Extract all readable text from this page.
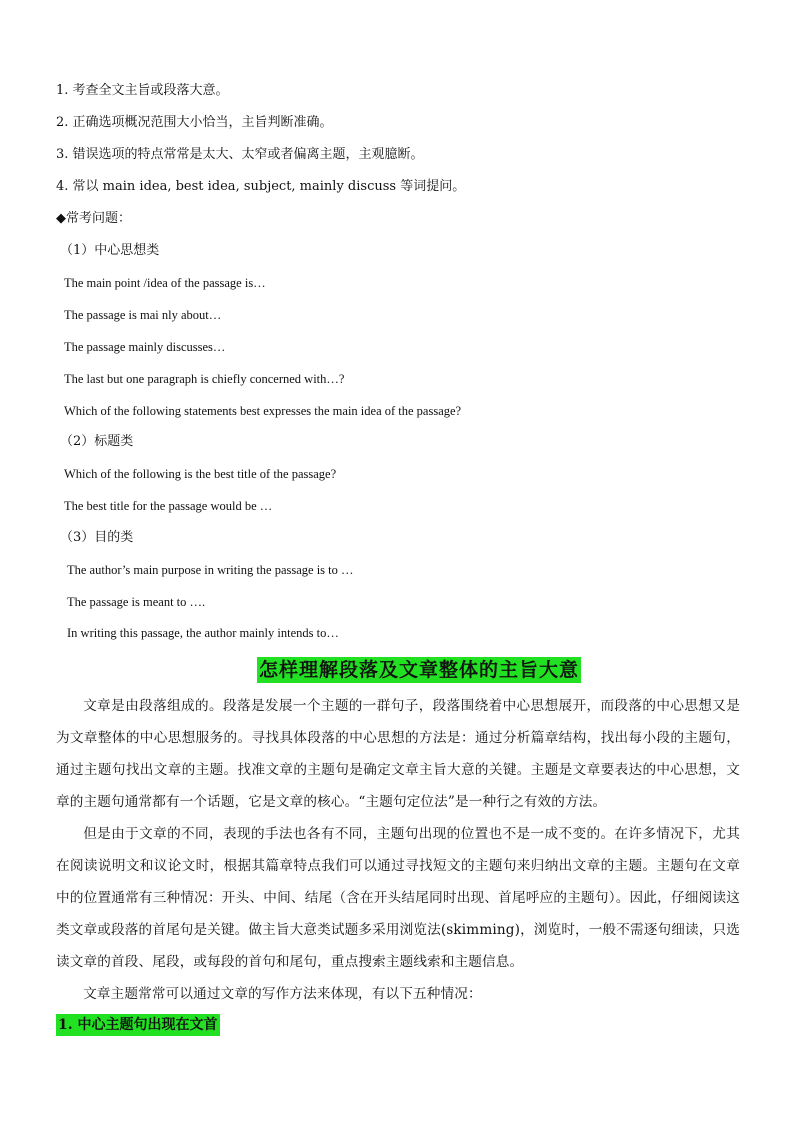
1. 考查全文主旨或段落大意。
2. 正确选项概况范围大小恰当，主旨判断准确。
3. 错误选项的特点常常是太大、太窄或者偏离主题，主观臆断。
4. 常以 main idea, best idea, subject, mainly discuss 等词提问。
◆常考问题：
（1）中心思想类
The main point /idea of the passage is…
The passage is mai nly about…
The passage mainly discusses…
The last but one paragraph is chiefly concerned with…?
Which of the following statements best expresses the main idea of the passage?
（2）标题类
Which of the following is the best title of the passage?
The best title for the passage would be …
（3）目的类
The author’s main purpose in writing the passage is to …
The passage is meant to ….
In writing this passage, the author mainly intends to…
怎样理解段落及文章整体的主旨大意

文章是由段落组成的。段落是发展一个主题的一群句子，段落围绕着中心思想展开，而段落的中心思想又是为文章整体的中心思想服务的。寻找具体段落的中心思想的方法是：通过分析篇章结构，找出每小段的主题句，通过主题句找出文章的主题。找准文章的主题句是确定文章主旨大意的关键。主题是文章要表达的中心思想，文章的主题句通常都有一个话题，它是文章的核心。“主题句定位法”是一种行之有效的方法。

但是由于文章的不同，表现的手法也各有不同，主题句出现的位置也不是一成不变的。在许多情况下，尤其在阅读说明文和议论文时，根据其篇章特点我们可以通过寻找短文的主题句来归纳出文章的主题。主题句在文章中的位置通常有三种情况：开头、中间、结尾（含在开头结尾同时出现、首尾呼应的主题句）。因此，仔细阅读这类文章或段落的首尾句是关键。做主旨大意类试题多采用浏览法(skimming)，浏览时，一般不需逐句细读，只选读文章的首段、尾段，或每段的首句和尾句，重点搜索主题线索和主题信息。

文章主题常常可以通过文章的写作方法来体现，有以下五种情况：

1. 中心主题句出现在文首
